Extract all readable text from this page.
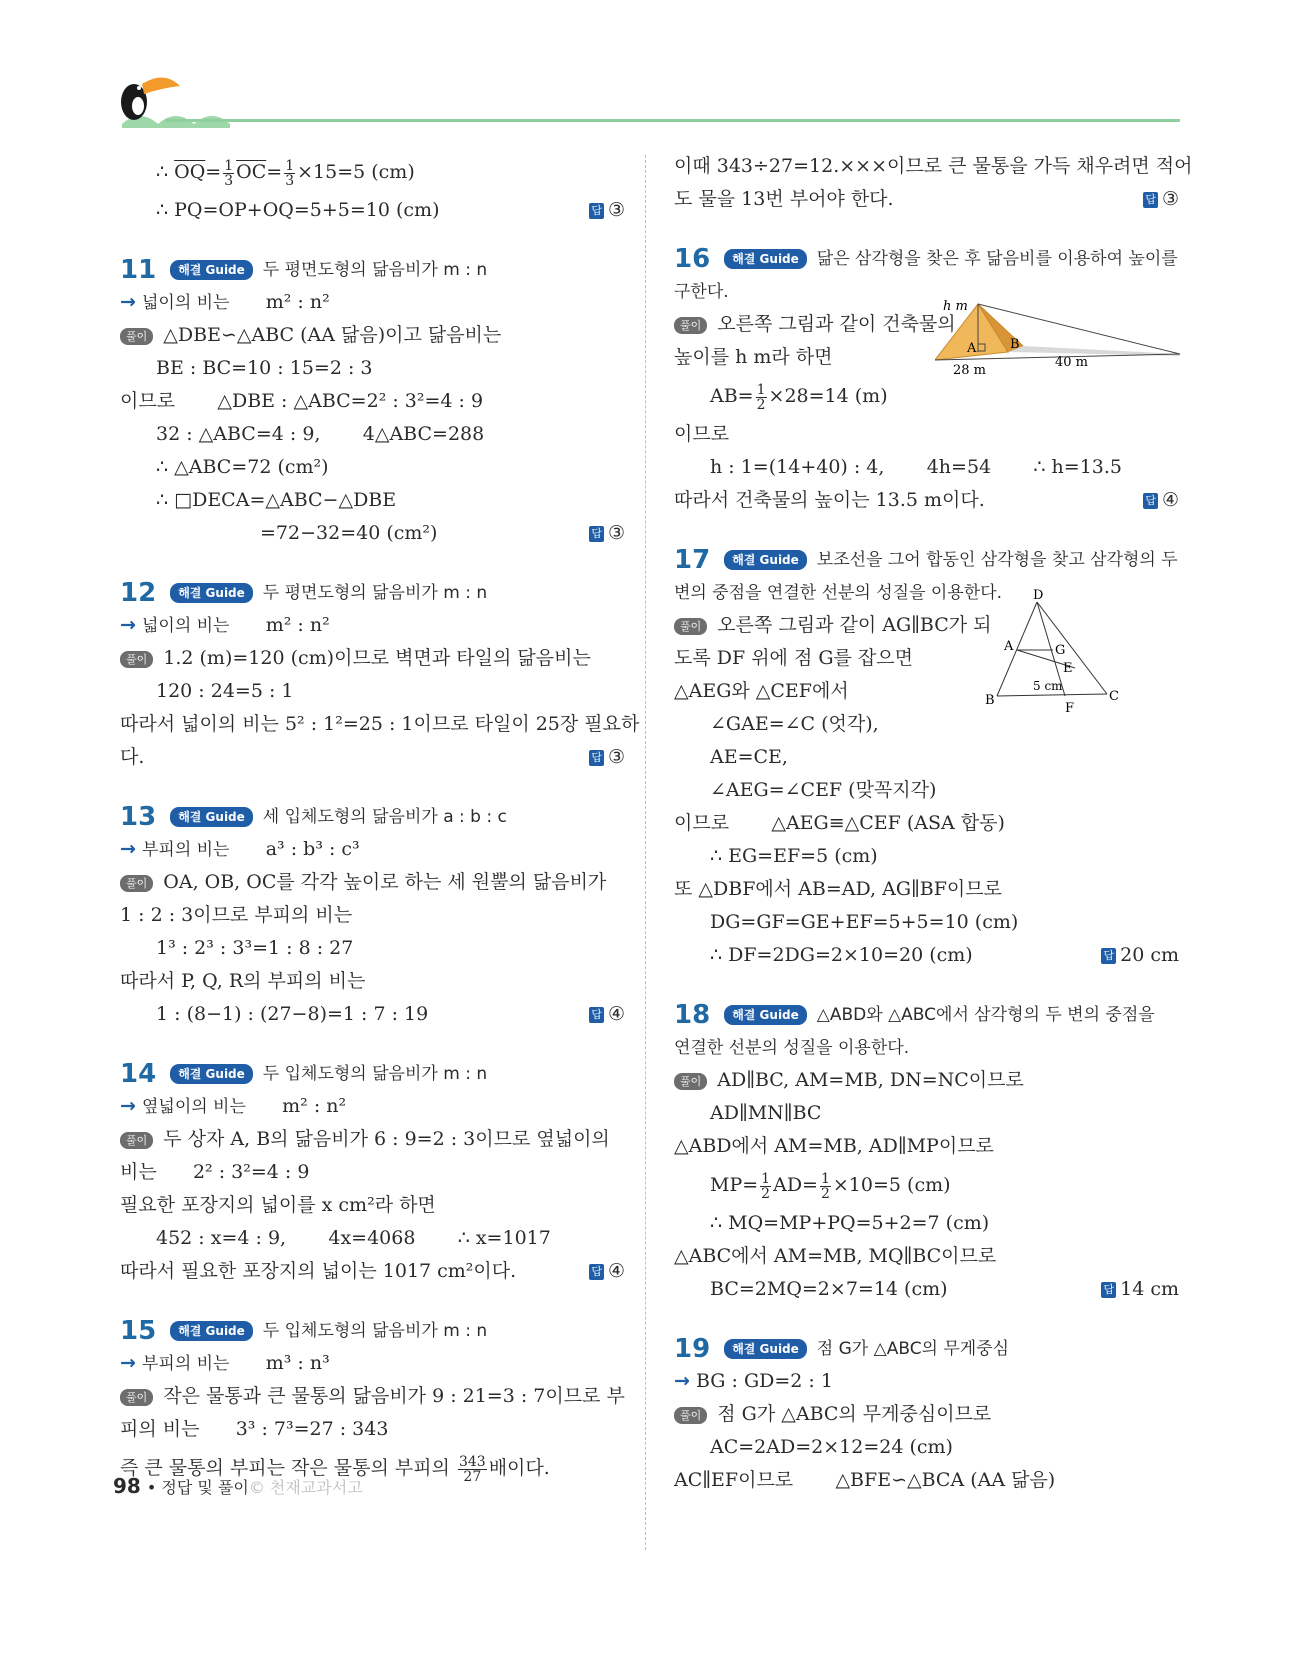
∴ $\overline{OQ}= \frac{1}{3} \overline{OC}= \frac{1}{3} \times 15=5$ (cm)
∴ PQ=OP+OQ=5+5=10 (cm)	답 ③
11 해결 Guide 두 평면도형의 닮음비가 m : n
→ 넓이의 비는 m² : n²
풀이 △DBE∽△ABC (AA 닮음)이고 닮음비는
BE : BC=10 : 15=2 : 3
이므로 △DBE : △ABC=2² : 3²=4 : 9
32 : △ABC=4 : 9, 4△ABC=288
∴ △ABC=72 (cm²)
∴ □DECA=△ABC−△DBE
=72−32=40 (cm²)	답 ③
12 해결 Guide 두 평면도형의 닮음비가 m : n
→ 넓이의 비는 m² : n²
풀이 1.2 (m)=120 (cm)이므로 벽면과 타일의 닮음비는
120 : 24=5 : 1
따라서 넓이의 비는 5² : 1²=25 : 1이므로 타일이 25장 필요하
다.	답 ③
13 해결 Guide 세 입체도형의 닮음비가 a : b : c
→ 부피의 비는 a³ : b³ : c³
풀이 OA, OB, OC를 각각 높이로 하는 세 원뿔의 닮음비가
1 : 2 : 3이므로 부피의 비는
1³ : 2³ : 3³=1 : 8 : 27
따라서 P, Q, R의 부피의 비는
1 : (8−1) : (27−8)=1 : 7 : 19	답 ④
14 해결 Guide 두 입체도형의 닮음비가 m : n
→ 옆넓이의 비는 m² : n²
풀이 두 상자 A, B의 닮음비가 6 : 9=2 : 3이므로 옆넓이의
비는 2² : 3²=4 : 9
필요한 포장지의 넓이를 x cm²라 하면
452 : x=4 : 9, 4x=4068 ∴ x=1017
따라서 필요한 포장지의 넓이는 1017 cm²이다.	답 ④
15 해결 Guide 두 입체도형의 닮음비가 m : n
→ 부피의 비는 m³ : n³
풀이 작은 물통과 큰 물통의 닮음비가 9 : 21=3 : 7이므로 부
피의 비는 3³ : 7³=27 : 343
즉 큰 물통의 부피는 작은 물통의 부피의 $\frac{343}{27}$ 배이다.
이때 343÷27=12.×××이므로 큰 물통을 가득 채우려면 적어
도 물을 13번 부어야 한다.	답 ③
16 해결 Guide 닮은 삼각형을 찾은 후 닮음비를 이용하여 높이를
구한다.
풀이 오른쪽 그림과 같이 건축물의
높이를 h m라 하면
$AB= \frac{1}{2} \times 28=14$ (m)
이므로
h : 1=(14+40) : 4, 4h=54 ∴ h=13.5
따라서 건축물의 높이는 13.5 m이다.	답 ④
17 해결 Guide 보조선을 그어 합동인 삼각형을 찾고 삼각형의 두
변의 중점을 연결한 선분의 성질을 이용한다.
풀이 오른쪽 그림과 같이 AG∥BC가 되
도록 DF 위에 점 G를 잡으면
△AEG와 △CEF에서
∠GAE=∠C (엇각),
AE=CE,
∠AEG=∠CEF (맞꼭지각)
이므로 △AEG≡△CEF (ASA 합동)
∴ EG=EF=5 (cm)
또 △DBF에서 AB=AD, AG∥BF이므로
DG=GF=GE+EF=5+5=10 (cm)
∴ DF=2DG=2×10=20 (cm)	답 20 cm
18 해결 Guide △ABD와 △ABC에서 삼각형의 두 변의 중점을
연결한 선분의 성질을 이용한다.
풀이 AD∥BC, AM=MB, DN=NC이므로
AD∥MN∥BC
△ABD에서 AM=MB, AD∥MP이므로
$MP= \frac{1}{2} AD= \frac{1}{2} \times 10=5$ (cm)
∴ MQ=MP+PQ=5+2=7 (cm)
△ABC에서 AM=MB, MQ∥BC이므로
BC=2MQ=2×7=14 (cm)	답 14 cm
19 해결 Guide 점 G가 △ABC의 무게중심
→ BG : GD=2 : 1
풀이 점 G가 △ABC의 무게중심이므로
AC=2AD=2×12=24 (cm)
AC∥EF이므로 △BFE∽△BCA (AA 닮음)
h m
A	B
28 m
40 m
D
A	G
E
B	C
F
5 cm
98 • 정답 및 풀이© 천재교과서고
